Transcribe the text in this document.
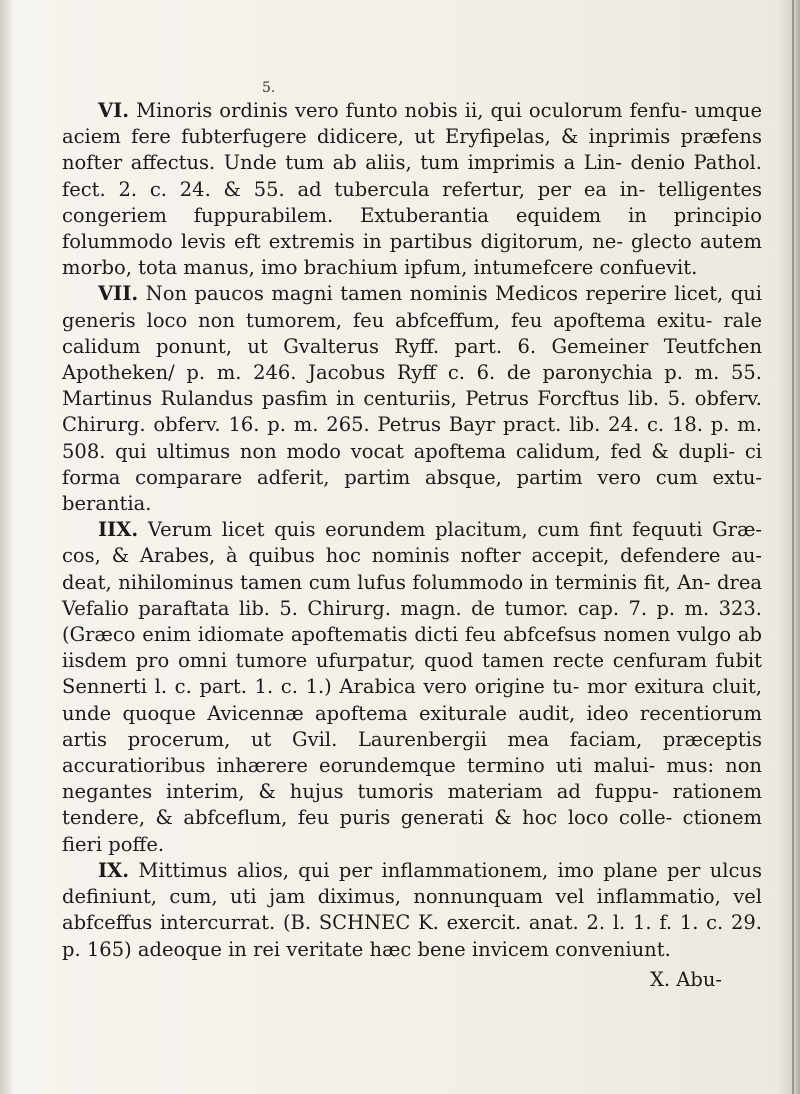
5.

VI. Minoris ordinis vero funto nobis ii, qui oculorum fenfu- umque aciem fere fubterfugere didicere, ut Eryfipelas, & inprimis præfens nofter affectus. Unde tum ab aliis, tum imprimis a Lin- denio Pathol. fect. 2. c. 24. & 55. ad tubercula refertur, per ea in- telligentes congeriem fuppurabilem. Extuberantia equidem in principio folummodo levis eft extremis in partibus digitorum, ne- glecto autem morbo, tota manus, imo brachium ipfum, intumefcere confuevit.

VII. Non paucos magni tamen nominis Medicos reperire licet, qui generis loco non tumorem, feu abfceffum, feu apoftema exitu- rale calidum ponunt, ut Gvalterus Ryff. part. 6. Gemeiner Teutfchen Apotheken/ p. m. 246. Jacobus Ryff c. 6. de paronychia p. m. 55. Martinus Rulandus pasfim in centuriis, Petrus Forcftus lib. 5. obferv. Chirurg. obferv. 16. p. m. 265. Petrus Bayr pract. lib. 24. c. 18. p. m. 508. qui ultimus non modo vocat apoftema calidum, fed & dupli- ci forma comparare adferit, partim absque, partim vero cum extu- berantia.

IIX. Verum licet quis eorundem placitum, cum fint fequuti Græ- cos, & Arabes, à quibus hoc nominis nofter accepit, defendere au- deat, nihilominus tamen cum lufus folummodo in terminis fit, An- drea Vefalio paraftata lib. 5. Chirurg. magn. de tumor. cap. 7. p. m. 323. (Græco enim idiomate apoftematis dicti feu abfcefsus nomen vulgo ab iisdem pro omni tumore ufurpatur, quod tamen recte cenfuram fubit Sennerti l. c. part. 1. c. 1.) Arabica vero origine tu- mor exitura cluit, unde quoque Avicennæ apoftema exiturale audit, ideo recentiorum artis procerum, ut Gvil. Laurenbergii mea faciam, præceptis accuratioribus inhærere eorundemque termino uti malui- mus: non negantes interim, & hujus tumoris materiam ad fuppu- rationem tendere, & abfceflum, feu puris generati & hoc loco colle- ctionem fieri poffe.

IX. Mittimus alios, qui per inflammationem, imo plane per ulcus definiunt, cum, uti jam diximus, nonnunquam vel inflammatio, vel abfceffus intercurrat. (B. SCHNEC K. exercit. anat. 2. l. 1. f. 1. c. 29. p. 165) adeoque in rei veritate hæc bene invicem conveniunt.

X. Abu-
